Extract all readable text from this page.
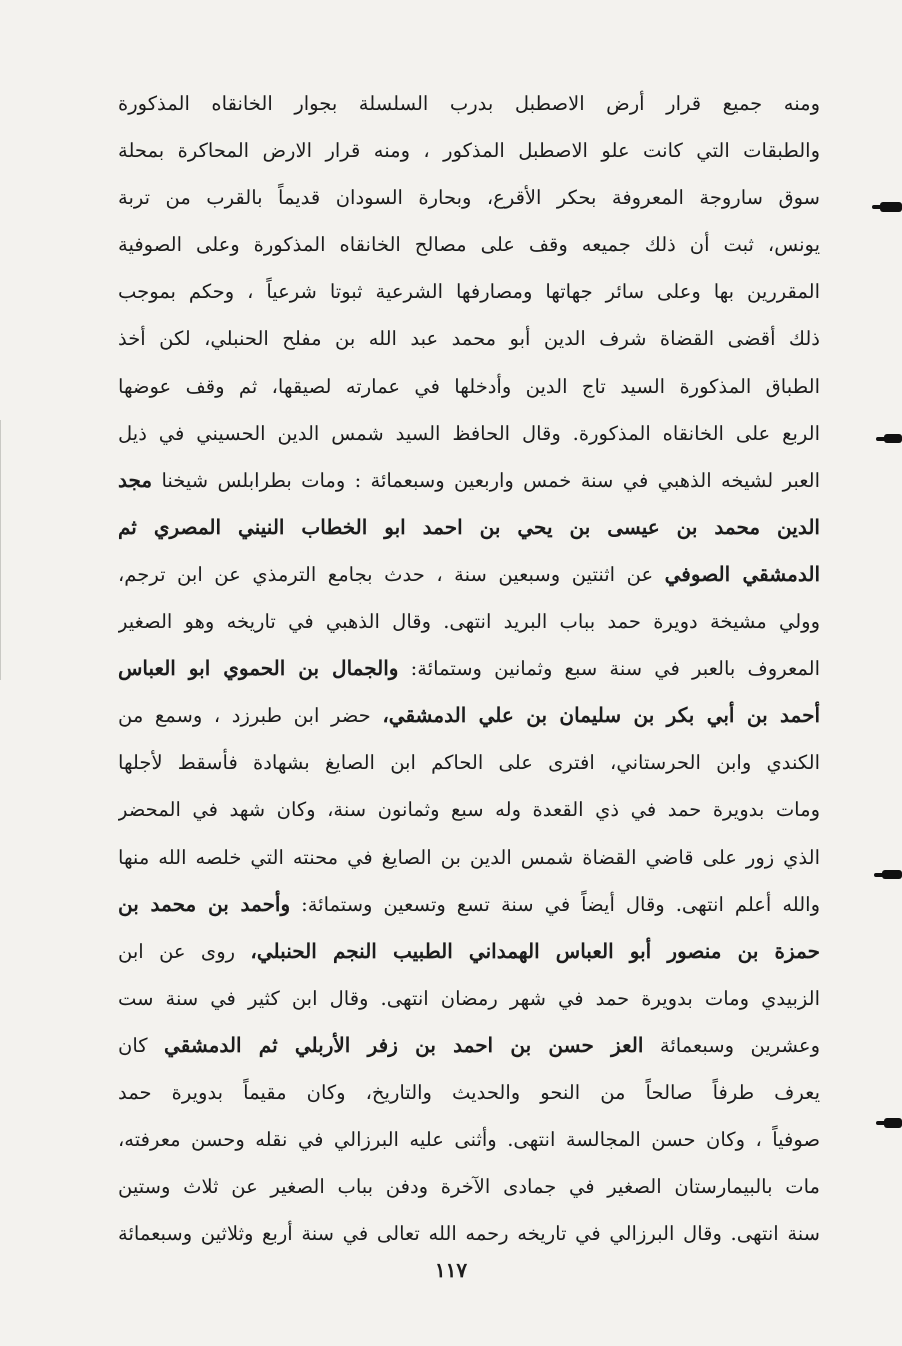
ومنه جميع قرار أرض الاصطبل بدرب السلسلة بجوار الخانقاه المذكورة
والطبقات التي كانت علو الاصطبل المذكور ، ومنه قرار الارض المحاكرة بمحلة
سوق ساروجة المعروفة بحكر الأقرع، وبحارة السودان قديماً بالقرب من تربة
يونس، ثبت أن ذلك جميعه وقف على مصالح الخانقاه المذكورة وعلى الصوفية
المقررين بها وعلى سائر جهاتها ومصارفها الشرعية ثبوتا شرعياً ، وحكم بموجب
ذلك أقضى القضاة شرف الدين أبو محمد عبد الله بن مفلح الحنبلي، لكن أخذ
الطباق المذكورة السيد تاج الدين وأدخلها في عمارته لصيقها، ثم وقف عوضها
الربع على الخانقاه المذكورة. وقال الحافظ السيد شمس الدين الحسيني في ذيل
العبر لشيخه الذهبي في سنة خمس واربعين وسبعمائة : ومات بطرابلس شيخنا مجد
الدين محمد بن عيسى بن يحي بن احمد ابو الخطاب النيني المصري ثم
الدمشقي الصوفي عن اثنتين وسبعين سنة ، حدث بجامع الترمذي عن ابن ترجم،
وولي مشيخة دويرة حمد بباب البريد انتهى. وقال الذهبي في تاريخه وهو الصغير
المعروف بالعبر في سنة سبع وثمانين وستمائة: والجمال بن الحموي ابو العباس
أحمد بن أبي بكر بن سليمان بن علي الدمشقي، حضر ابن طبرزد ، وسمع من
الكندي وابن الحرستاني، افترى على الحاكم ابن الصايغ بشهادة فأسقط لأجلها
ومات بدويرة حمد في ذي القعدة وله سبع وثمانون سنة، وكان شهد في المحضر
الذي زور على قاضي القضاة شمس الدين بن الصايغ في محنته التي خلصه الله منها
والله أعلم انتهى. وقال أيضاً في سنة تسع وتسعين وستمائة: وأحمد بن محمد بن
حمزة بن منصور أبو العباس الهمداني الطبيب النجم الحنبلي، روى عن ابن
الزبيدي ومات بدويرة حمد في شهر رمضان انتهى. وقال ابن كثير في سنة ست
وعشرين وسبعمائة العز حسن بن احمد بن زفر الأربلي ثم الدمشقي كان
يعرف طرفاً صالحاً من النحو والحديث والتاريخ، وكان مقيماً بدويرة حمد
صوفياً ، وكان حسن المجالسة انتهى. وأثنى عليه البرزالي في نقله وحسن معرفته،
مات بالبيمارستان الصغير في جمادى الآخرة ودفن بباب الصغير عن ثلاث وستين
سنة انتهى. وقال البرزالي في تاريخه رحمه الله تعالى في سنة أربع وثلاثين وسبعمائة
١١٧
